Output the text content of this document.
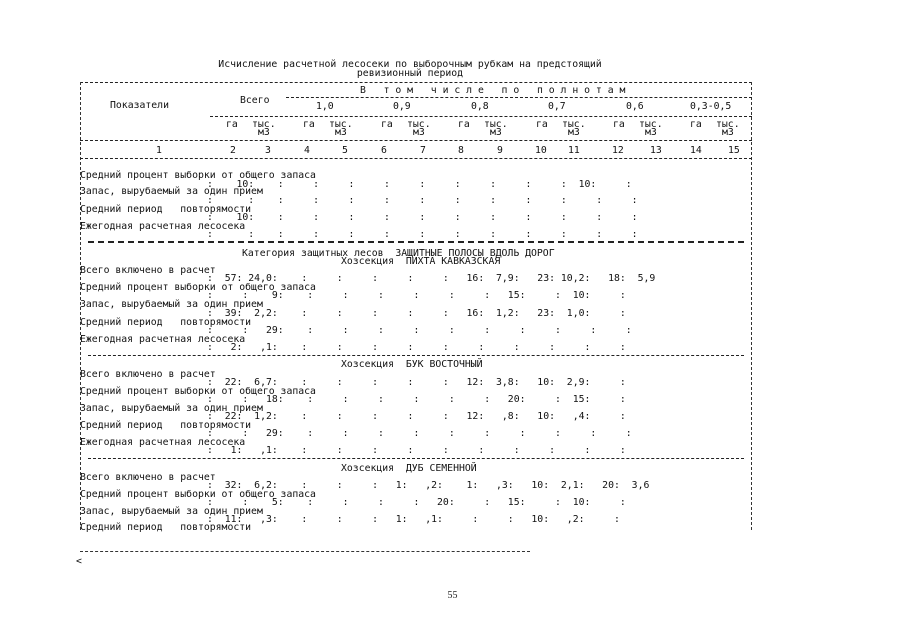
Исчисление расчетной лесосеки по выборочным рубкам на предстоящий
ревизионный период
Показатели	Всего
В   т о м   ч и с л е   п о   п о л н о т а м
1,0	0,9	0,8	0,7	0,6	0,3-0,5
га тыс.
м3
га тыс.
м3
га тыс.
м3
га тыс.
м3
га тыс.
м3
га тыс.
м3
га тыс.
м3
1	2	3	4	5	6	7	8	9	10 11	12	13	14	15
Средний процент выборки от общего запаса
:    10:    :     :     :     :     :     :     :     :     :  10:     :
Запас, вырубаемый за один прием
:      :    :     :     :     :     :     :     :     :     :     :     :
Средний период   повторямости
:    10:    :     :     :     :     :     :     :     :     :     :     :
Ежегодная расчетная лесосека
:      :    :     :     :     :     :     :     :     :     :     :     :
Категория защитных лесов  ЗАЩИТНЫЕ ПОЛОСЫ ВДОЛЬ ДОРОГ
Хозсекция  ПИХТА КАВКАЗСКАЯ
Всего включено в расчет
:  57: 24,0:    :     :     :     :     :   16:  7,9:   23: 10,2:   18:  5,9
Средний процент выборки от общего запаса
:     :    9:    :     :     :     :     :     :   15:     :  10:     :
Запас, вырубаемый за один прием
:  39:  2,2:    :     :     :     :     :   16:  1,2:   23:  1,0:     :
Средний период   повторямости
:     :   29:    :     :     :     :     :     :     :     :     :     :
Ежегодная расчетная лесосека
:   2:   ,1:    :     :     :     :     :     :     :     :     :     :
Хозсекция  БУК ВОСТОЧНЫЙ
Всего включено в расчет
:  22:  6,7:    :     :     :     :     :   12:  3,8:   10:  2,9:     :
Средний процент выборки от общего запаса
:     :   18:    :     :     :     :     :     :   20:     :  15:     :
Запас, вырубаемый за один прием
:  22:  1,2:    :     :     :     :     :   12:   ,8:   10:   ,4:     :
Средний период   повторямости
:     :   29:    :     :     :     :     :     :     :     :     :     :
Ежегодная расчетная лесосека
:   1:   ,1:    :     :     :     :     :     :     :     :     :     :
Хозсекция  ДУБ СЕМЕННОЙ
Всего включено в расчет
:  32:  6,2:    :     :     :   1:   ,2:    1:   ,3:   10:  2,1:   20:  3,6
Средний процент выборки от общего запаса
:     :    5:    :     :     :     :   20:     :   15:     :  10:     :
Запас, вырубаемый за один прием
:  11:   ,3:    :     :     :   1:   ,1:     :     :   10:   ,2:     :
Средний период   повторямости
<
55
